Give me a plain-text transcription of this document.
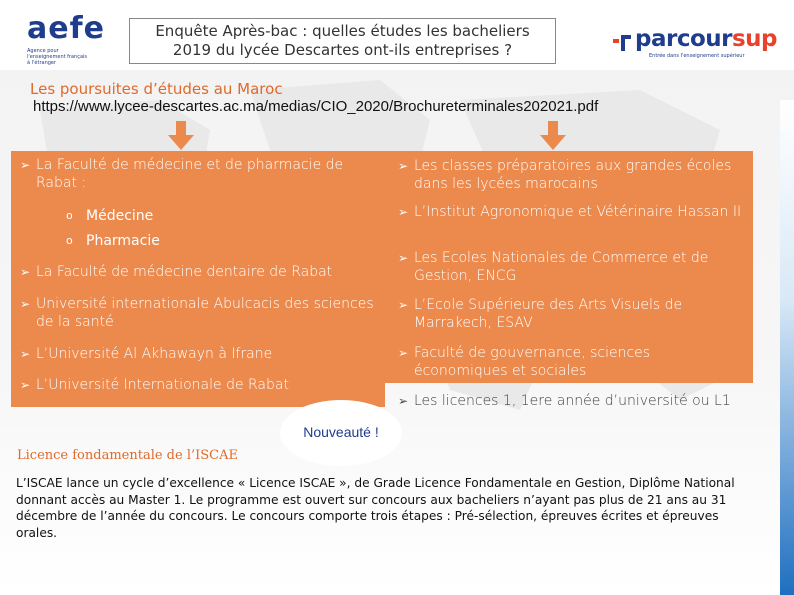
aefe
Agence pour
l'enseignement français
à l'étranger
Enquête Après-bac : quelles études les bacheliers
2019 du lycée Descartes ont-ils entreprises ?	parcoursup
Entrée dans l'enseignement supérieur
Les poursuites d’études au Maroc
https://www.lycee-descartes.ac.ma/medias/CIO_2020/Brochureterminales202021.pdf
➢ La Faculté de médecine et de pharmacie de Rabat :
o Médecine
o Pharmacie
➢ La Faculté de médecine dentaire de Rabat
➢ Université internationale Abulcacis des sciences de la santé
➢ L’Université Al Akhawayn à Ifrane
➢ L’Université Internationale de Rabat
➢ Les classes préparatoires aux grandes écoles dans les lycées marocains
➢ L’Institut Agronomique et Vétérinaire Hassan II
➢ Les Ecoles Nationales de Commerce et de Gestion, ENCG
➢ L’Ecole Supérieure des Arts Visuels de Marrakech, ESAV
➢ Faculté de gouvernance, sciences économiques et sociales
➢ Les licences 1, 1ere année d’université ou L1
Licence fondamentale de l’ISCAE
Nouveauté !
L’ISCAE lance un cycle d’excellence « Licence ISCAE », de Grade Licence Fondamentale en Gestion, Diplôme National donnant accès au Master 1. Le programme est ouvert sur concours aux bacheliers n’ayant pas plus de 21 ans au 31 décembre de l’année du concours. Le concours comporte trois étapes : Pré-sélection, épreuves écrites et épreuves orales.
